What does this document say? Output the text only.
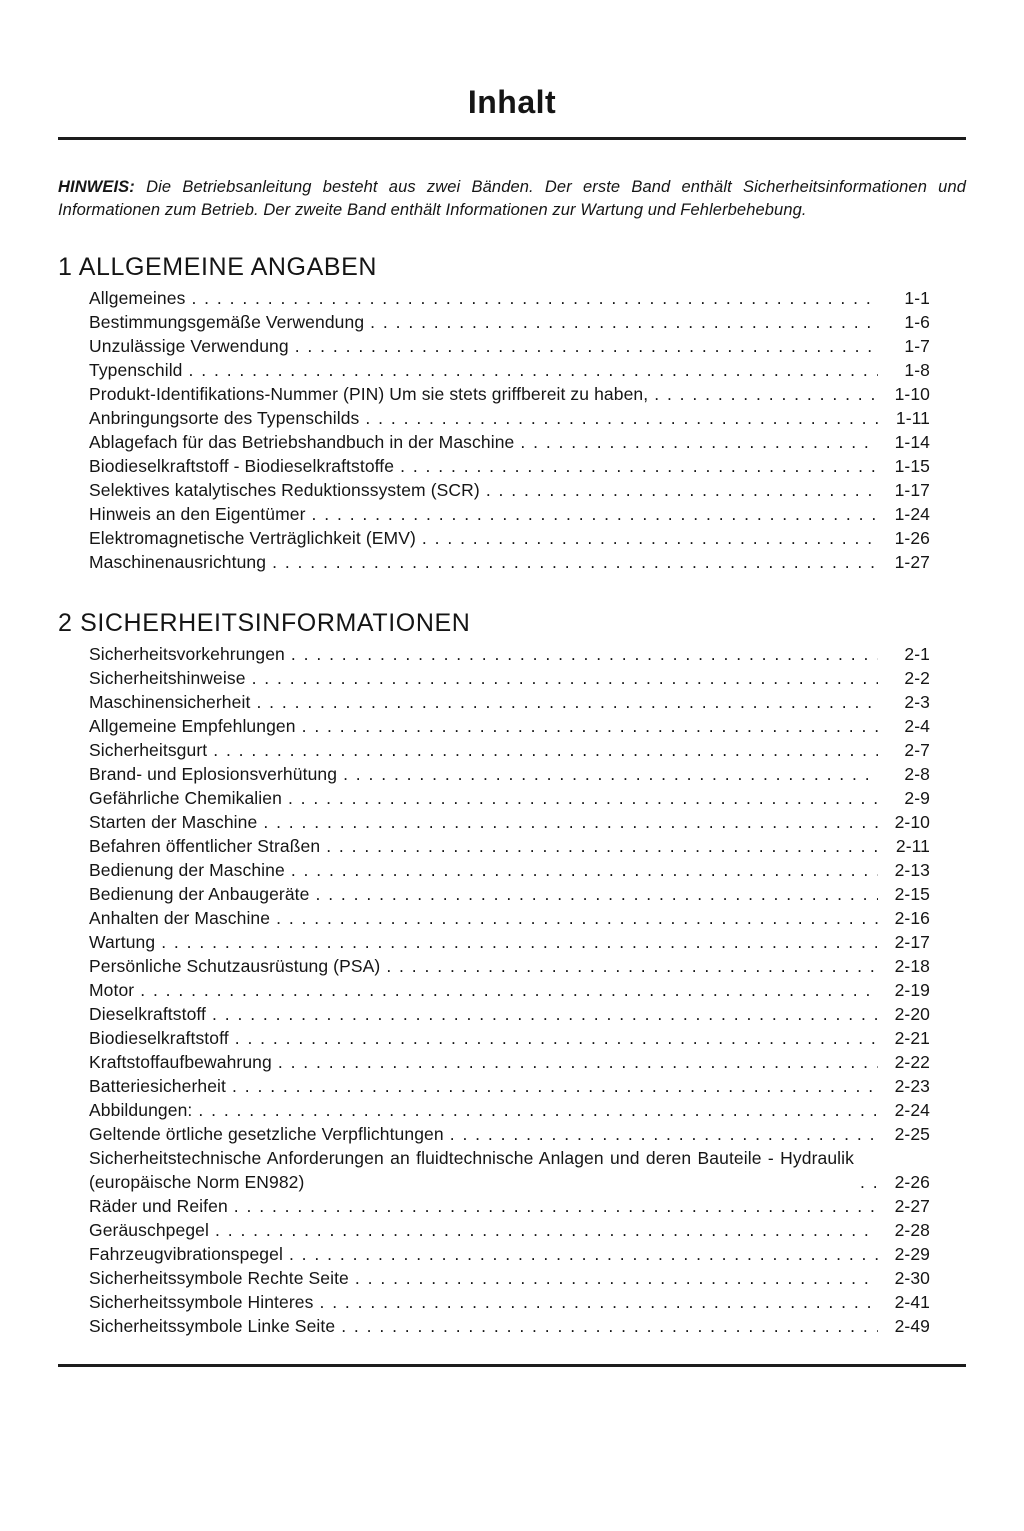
Inhalt

HINWEIS: Die Betriebsanleitung besteht aus zwei Bänden. Der erste Band enthält Sicherheitsinformationen und Informationen zum Betrieb. Der zweite Band enthält Informationen zur Wartung und Fehlerbehebung.

1 ALLGEMEINE ANGABEN
Allgemeines . . .	1-1
Bestimmungsgemäße Verwendung . . .	1-6
Unzulässige Verwendung . . .	1-7
Typenschild . . .	1-8
Produkt-Identifikations-Nummer (PIN) Um sie stets griffbereit zu haben, . . .	1-10
Anbringungsorte des Typenschilds . . .	1-11
Ablagefach für das Betriebshandbuch in der Maschine . . .	1-14
Biodieselkraftstoff - Biodieselkraftstoffe . . .	1-15
Selektives katalytisches Reduktionssystem (SCR) . . .	1-17
Hinweis an den Eigentümer . . .	1-24
Elektromagnetische Verträglichkeit (EMV) . . .	1-26
Maschinenausrichtung . . .	1-27
2 SICHERHEITSINFORMATIONEN
Sicherheitsvorkehrungen . . .	2-1
Sicherheitshinweise . . .	2-2
Maschinensicherheit . . .	2-3
Allgemeine Empfehlungen . . .	2-4
Sicherheitsgurt . . .	2-7
Brand- und Eplosionsverhütung . . .	2-8
Gefährliche Chemikalien . . .	2-9
Starten der Maschine . . .	2-10
Befahren öffentlicher Straßen . . .	2-11
Bedienung der Maschine . . .	2-13
Bedienung der Anbaugeräte . . .	2-15
Anhalten der Maschine . . .	2-16
Wartung . . .	2-17
Persönliche Schutzausrüstung (PSA) . . .	2-18
Motor . . .	2-19
Dieselkraftstoff . . .	2-20
Biodieselkraftstoff . . .	2-21
Kraftstoffaufbewahrung . . .	2-22
Batteriesicherheit . . .	2-23
Abbildungen: . . .	2-24
Geltende örtliche gesetzliche Verpflichtungen . . .	2-25
Sicherheitstechnische Anforderungen an fluidtechnische Anlagen und deren Bauteile - Hydraulik (europäische Norm EN982) . . .	2-26
Räder und Reifen . . .	2-27
Geräuschpegel . . .	2-28
Fahrzeugvibrationspegel . . .	2-29
Sicherheitssymbole Rechte Seite . . .	2-30
Sicherheitssymbole Hinteres . . .	2-41
Sicherheitssymbole Linke Seite . . .	2-49
